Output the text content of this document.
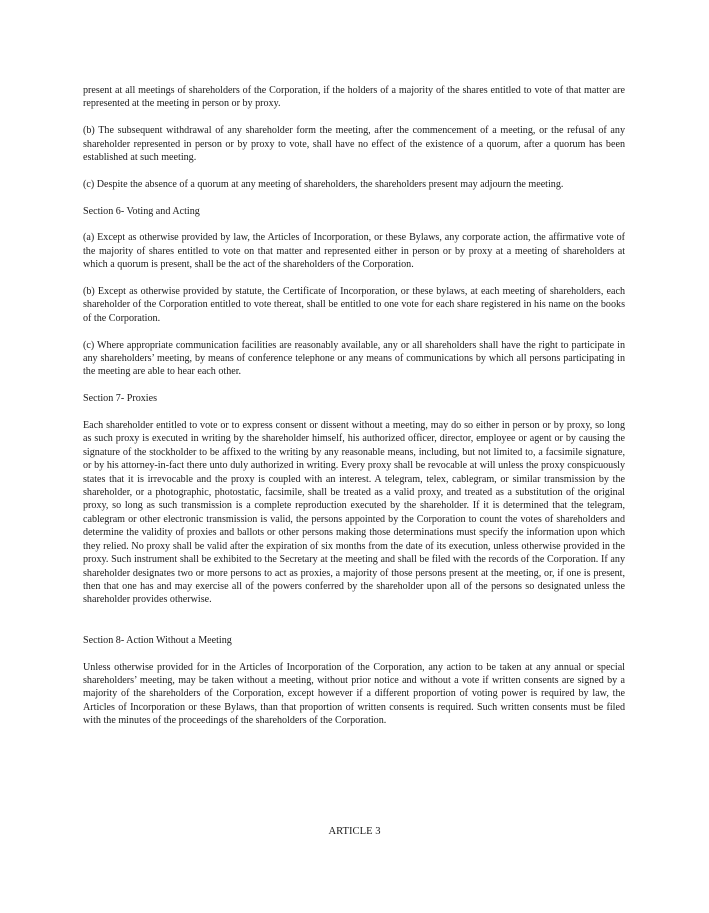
present at all meetings of shareholders of the Corporation, if the holders of a majority of the shares entitled to vote of that matter are represented at the meeting in person or by proxy.

(b) The subsequent withdrawal of any shareholder form the meeting, after the commencement of a meeting, or the refusal of any shareholder represented in person or by proxy to vote, shall have no effect of the existence of a quorum, after a quorum has been established at such meeting.

(c) Despite the absence of a quorum at any meeting of shareholders, the shareholders present may adjourn the meeting.

Section 6- Voting and Acting

(a) Except as otherwise provided by law, the Articles of Incorporation, or these Bylaws, any corporate action, the affirmative vote of the majority of shares entitled to vote on that matter and represented either in person or by proxy at a meeting of shareholders at which a quorum is present, shall be the act of the shareholders of the Corporation.

(b) Except as otherwise provided by statute, the Certificate of Incorporation, or these bylaws, at each meeting of shareholders, each shareholder of the Corporation entitled to vote thereat, shall be entitled to one vote for each share registered in his name on the books of the Corporation.

(c) Where appropriate communication facilities are reasonably available, any or all shareholders shall have the right to participate in any shareholders’ meeting, by means of conference telephone or any means of communications by which all persons participating in the meeting are able to hear each other.

Section 7- Proxies

Each shareholder entitled to vote or to express consent or dissent without a meeting, may do so either in person or by proxy, so long as such proxy is executed in writing by the shareholder himself, his authorized officer, director, employee or agent or by causing the signature of the stockholder to be affixed to the writing by any reasonable means, including, but not limited to, a facsimile signature, or by his attorney-in-fact there unto duly authorized in writing. Every proxy shall be revocable at will unless the proxy conspicuously states that it is irrevocable and the proxy is coupled with an interest. A telegram, telex, cablegram, or similar transmission by the shareholder, or a photographic, photostatic, facsimile, shall be treated as a valid proxy, and treated as a substitution of the original proxy, so long as such transmission is a complete reproduction executed by the shareholder. If it is determined that the telegram, cablegram or other electronic transmission is valid, the persons appointed by the Corporation to count the votes of shareholders and determine the validity of proxies and ballots or other persons making those determinations must specify the information upon which they relied. No proxy shall be valid after the expiration of six months from the date of its execution, unless otherwise provided in the proxy. Such instrument shall be exhibited to the Secretary at the meeting and shall be filed with the records of the Corporation. If any shareholder designates two or more persons to act as proxies, a majority of those persons present at the meeting, or, if one is present, then that one has and may exercise all of the powers conferred by the shareholder upon all of the persons so designated unless the shareholder provides otherwise.

Section 8- Action Without a Meeting

Unless otherwise provided for in the Articles of Incorporation of the Corporation, any action to be taken at any annual or special shareholders’ meeting, may be taken without a meeting, without prior notice and without a vote if written consents are signed by a majority of the shareholders of the Corporation, except however if a different proportion of voting power is required by law, the Articles of Incorporation or these Bylaws, than that proportion of written consents is required. Such written consents must be filed with the minutes of the proceedings of the shareholders of the Corporation.

ARTICLE 3
